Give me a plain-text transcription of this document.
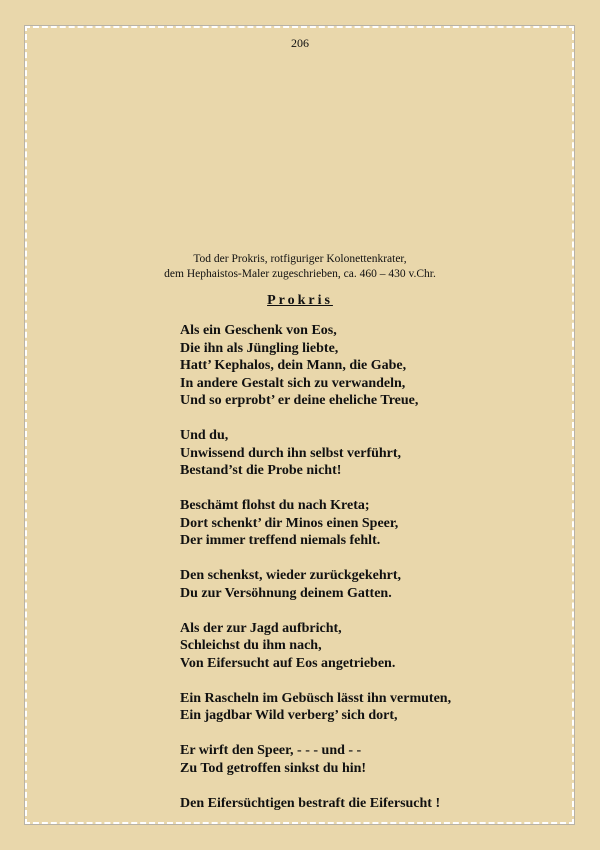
206
Tod der Prokris, rotfiguriger Kolonettenkrater,
dem Hephaistos-Maler zugeschrieben, ca. 460 – 430 v.Chr.
Prokris
Als ein Geschenk von Eos,
Die ihn als Jüngling liebte,
Hatt’ Kephalos, dein Mann, die Gabe,
In andere Gestalt sich zu verwandeln,
Und so erprobt’ er deine eheliche Treue,
Und du,
Unwissend durch ihn selbst verführt,
Bestand’st die Probe nicht!
Beschämt flohst du nach Kreta;
Dort schenkt’ dir Minos einen Speer,
Der immer treffend niemals fehlt.
Den schenkst, wieder zurückgekehrt,
Du zur Versöhnung deinem Gatten.
Als der zur Jagd aufbricht,
Schleichst du ihm nach,
Von Eifersucht auf Eos angetrieben.
Ein Rascheln im Gebüsch lässt ihn vermuten,
Ein jagdbar Wild verberg’ sich dort,
Er wirft den Speer, - - - und - -
Zu Tod getroffen sinkst du hin!
Den Eifersüchtigen bestraft die Eifersucht !
